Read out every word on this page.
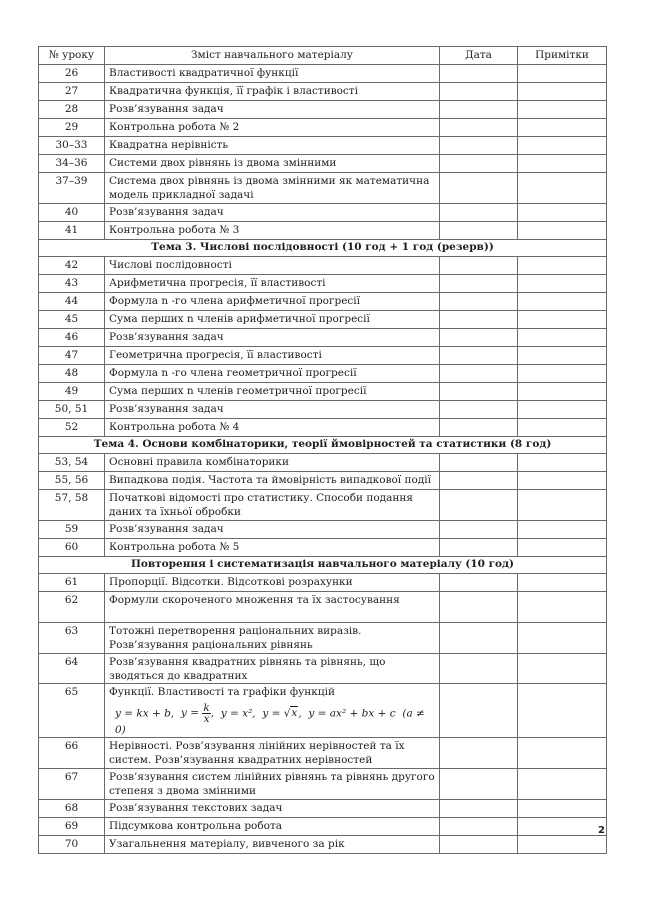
№ уроку	Зміст навчального матеріалу	Дата	Примітки
26	Властивості квадратичної функції		
27	Квадратична функція, її графік і властивості		
28	Розв’язування задач		
29	Контрольна робота № 2		
30–33	Квадратна нерівність		
34–36	Системи двох рівнянь із двома змінними		
37–39	Система двох рівнянь із двома змінними як математична модель прикладної задачі		
40	Розв’язування задач		
41	Контрольна робота № 3		
Тема 3. Числові послідовності (10 год + 1 год (резерв))			
42	Числові послідовності		
43	Арифметична прогресія, її властивості		
44	Формула n -го члена арифметичної прогресії		
45	Сума перших n членів арифметичної прогресії		
46	Розв’язування задач		
47	Геометрична прогресія, її властивості		
48	Формула n -го члена геометричної прогресії		
49	Сума перших n членів геометричної прогресії		
50, 51	Розв’язування задач		
52	Контрольна робота № 4		
Тема 4. Основи комбінаторики, теорії ймовірностей та статистики (8 год)			
53, 54	Основні правила комбінаторики		
55, 56	Випадкова подія. Частота та ймовірність випадкової події		
57, 58	Початкові відомості про статистику. Способи подання даних та їхньої обробки		
59	Розв’язування задач		
60	Контрольна робота № 5		
Повторення і систематизація навчального матеріалу (10 год)			
61	Пропорції. Відсотки. Відсоткові розрахунки		
62	Формули скороченого множення та їх застосування		
63	Тотожні перетворення раціональних виразів. Розв’язування раціональних рівнянь		
64	Розв’язування квадратних рівнянь та рівнянь, що зводяться до квадратних		
65	Функції. Властивості та графіки функцій
y = kx + b, $y = \frac{k}{x}$ , y = x², y = √x, y = ax² + bx + c (a ≠ 0)		

66	Нерівності. Розв’язування лінійних нерівностей та їх систем. Розв’язування квадратних нерівностей		
67	Розв’язування систем лінійних рівнянь та рівнянь другого степеня з двома змінними		
68	Розв’язування текстових задач		
69	Підсумкова контрольна робота		
70	Узагальнення матеріалу, вивченого за рік		
2
